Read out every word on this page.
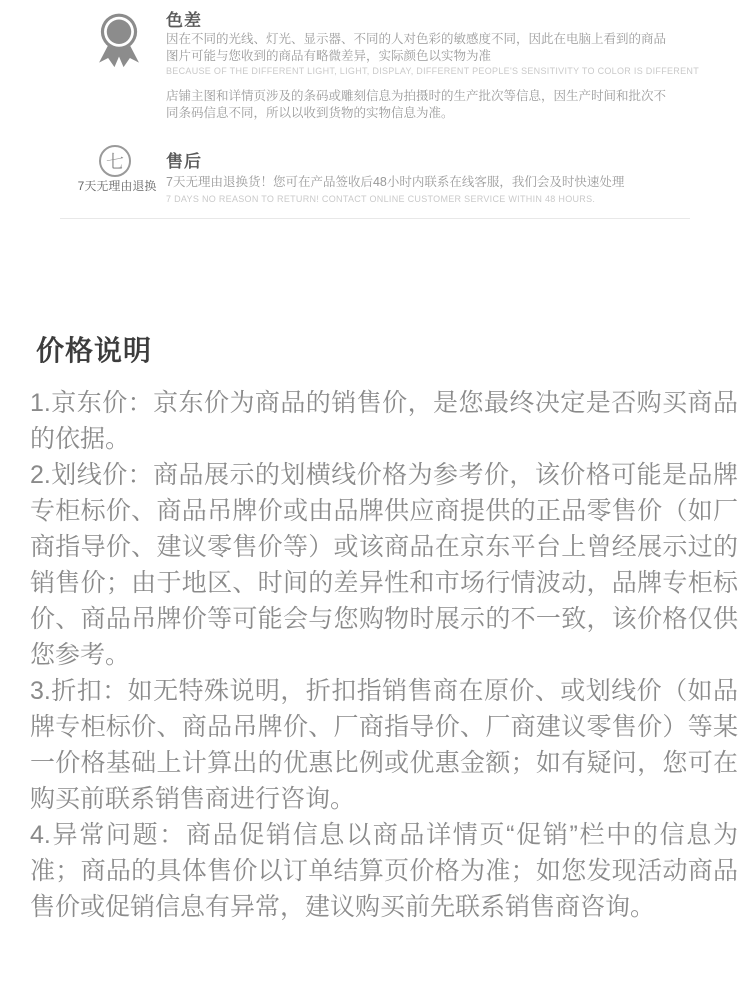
色差

因在不同的光线、灯光、显示器、不同的人对色彩的敏感度不同，因此在电脑上看到的商品图片可能与您收到的商品有略微差异，实际颜色以实物为准

BECAUSE OF THE DIFFERENT LIGHT, LIGHT, DISPLAY, DIFFERENT PEOPLE'S SENSITIVITY TO COLOR IS DIFFERENT

店铺主图和详情页涉及的条码或雕刻信息为拍摄时的生产批次等信息，因生产时间和批次不同条码信息不同，所以以收到货物的实物信息为准。

七
7天无理由退换
售后

7天无理由退换货！您可在产品签收后48小时内联系在线客服，我们会及时快速处理

7 DAYS NO REASON TO RETURN! CONTACT ONLINE CUSTOMER SERVICE WITHIN 48 HOURS.

价格说明

1.京东价：京东价为商品的销售价，是您最终决定是否购买商品的依据。

2.划线价：商品展示的划横线价格为参考价，该价格可能是品牌专柜标价、商品吊牌价或由品牌供应商提供的正品零售价（如厂商指导价、建议零售价等）或该商品在京东平台上曾经展示过的销售价；由于地区、时间的差异性和市场行情波动，品牌专柜标价、商品吊牌价等可能会与您购物时展示的不一致，该价格仅供您参考。

3.折扣：如无特殊说明，折扣指销售商在原价、或划线价（如品牌专柜标价、商品吊牌价、厂商指导价、厂商建议零售价）等某一价格基础上计算出的优惠比例或优惠金额；如有疑问，您可在购买前联系销售商进行咨询。

4.异常问题：商品促销信息以商品详情页“促销”栏中的信息为准；商品的具体售价以订单结算页价格为准；如您发现活动商品售价或促销信息有异常，建议购买前先联系销售商咨询。
